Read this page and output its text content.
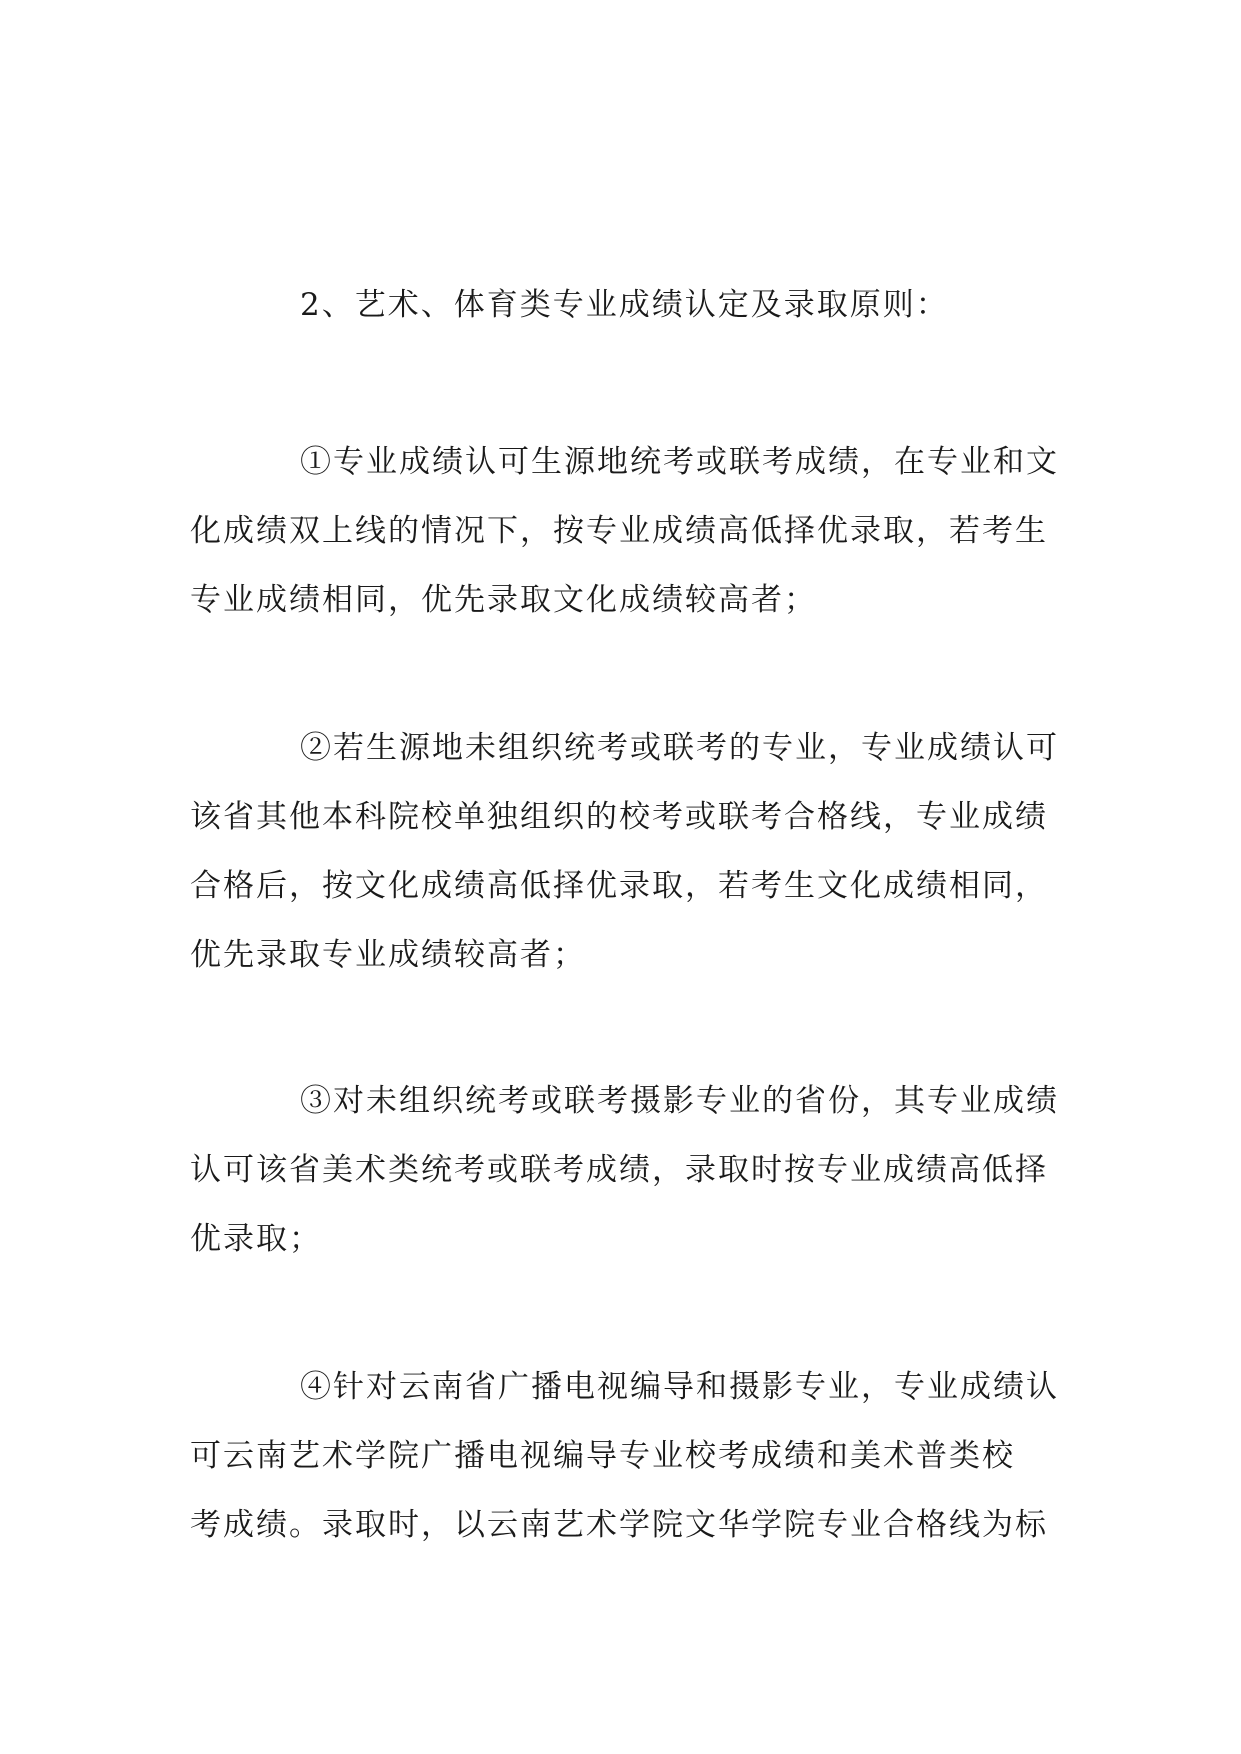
2、艺术、体育类专业成绩认定及录取原则：

①专业成绩认可生源地统考或联考成绩，在专业和文
化成绩双上线的情况下，按专业成绩高低择优录取，若考生
专业成绩相同，优先录取文化成绩较高者；

②若生源地未组织统考或联考的专业，专业成绩认可
该省其他本科院校单独组织的校考或联考合格线，专业成绩
合格后，按文化成绩高低择优录取，若考生文化成绩相同，
优先录取专业成绩较高者；

③对未组织统考或联考摄影专业的省份，其专业成绩
认可该省美术类统考或联考成绩，录取时按专业成绩高低择
优录取；

④针对云南省广播电视编导和摄影专业，专业成绩认
可云南艺术学院广播电视编导专业校考成绩和美术普类校
考成绩。录取时，以云南艺术学院文华学院专业合格线为标
